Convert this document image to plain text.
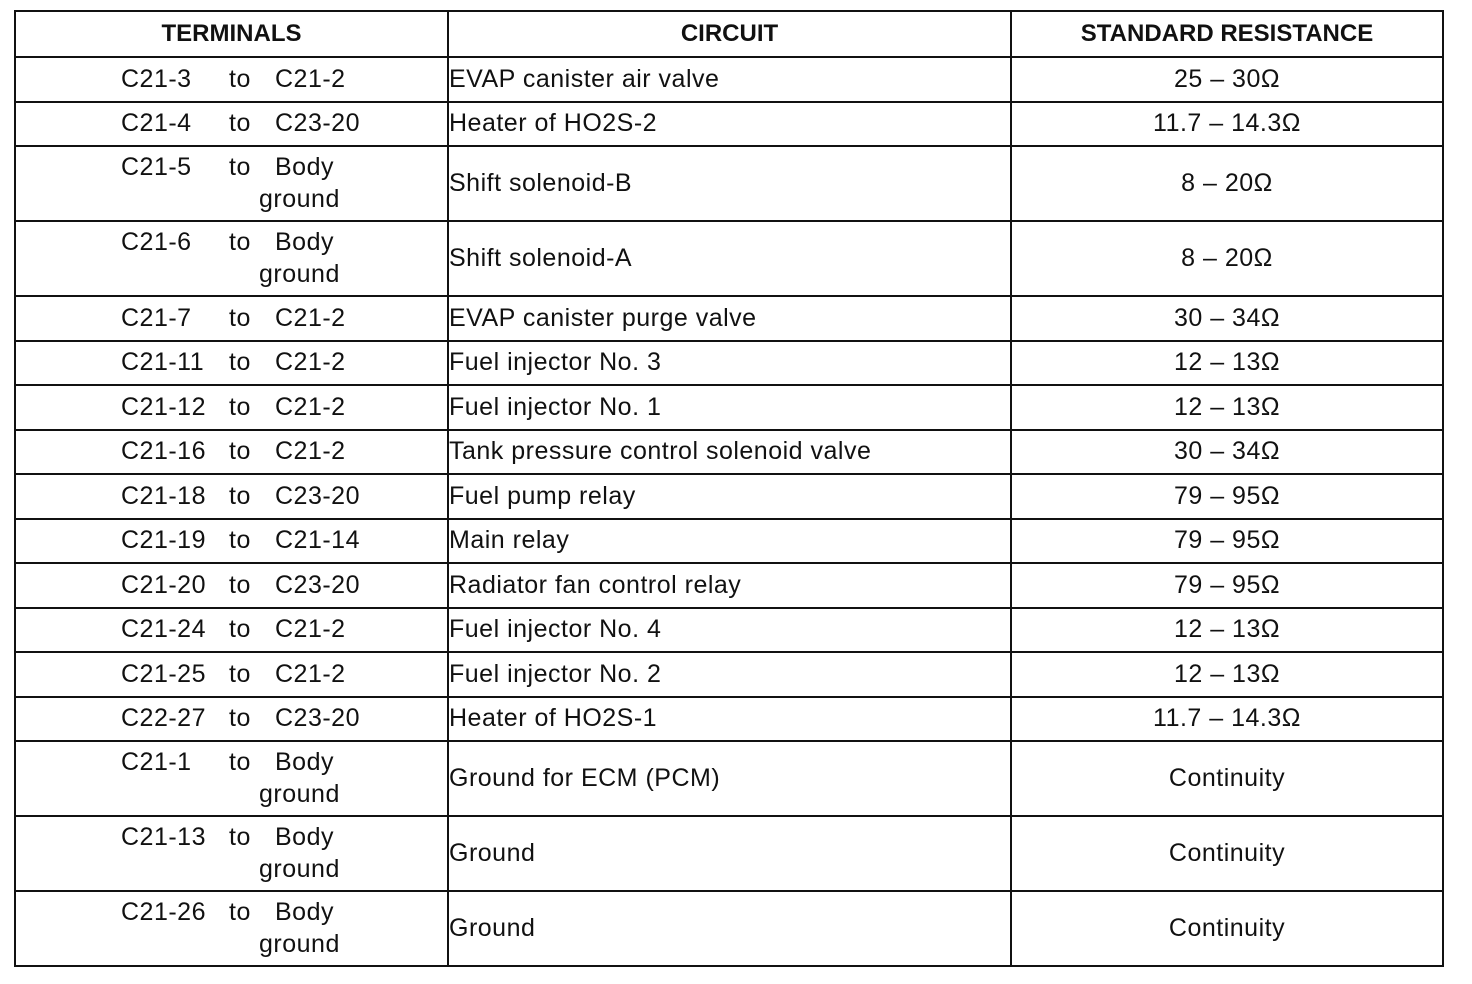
TERMINALS	CIRCUIT	STANDARD RESISTANCE

C21-3 to C21-2	EVAP canister air valve	25 – 30Ω

C21-4 to C23-20	Heater of HO2S-2	11.7 – 14.3Ω

C21-5 to Body
ground	Shift solenoid-B	8 – 20Ω

C21-6 to Body
ground	Shift solenoid-A	8 – 20Ω

C21-7 to C21-2	EVAP canister purge valve	30 – 34Ω

C21-11 to C21-2	Fuel injector No. 3	12 – 13Ω

C21-12 to C21-2	Fuel injector No. 1	12 – 13Ω

C21-16 to C21-2	Tank pressure control solenoid valve	30 – 34Ω

C21-18 to C23-20	Fuel pump relay	79 – 95Ω

C21-19 to C21-14	Main relay	79 – 95Ω

C21-20 to C23-20	Radiator fan control relay	79 – 95Ω

C21-24 to C21-2	Fuel injector No. 4	12 – 13Ω

C21-25 to C21-2	Fuel injector No. 2	12 – 13Ω

C22-27 to C23-20	Heater of HO2S-1	11.7 – 14.3Ω

C21-1 to Body
ground	Ground for ECM (PCM)	Continuity

C21-13 to Body
ground	Ground	Continuity

C21-26 to Body
ground	Ground	Continuity
